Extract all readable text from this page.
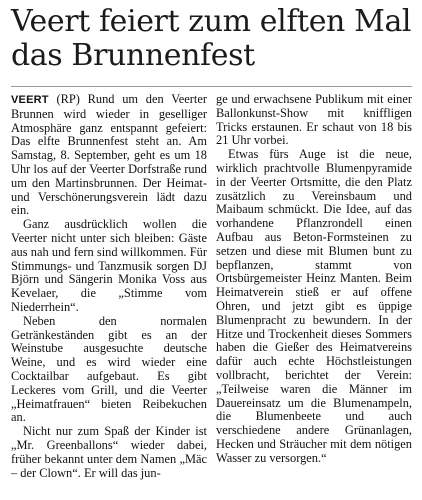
Veert feiert zum elften Mal
das Brunnenfest

VEERT (RP) Rund um den Veerter Brunnen wird wieder in geselliger Atmosphäre ganz entspannt gefeiert: Das elfte Brunnenfest steht an. Am Samstag, 8. September, geht es um 18 Uhr los auf der Veerter Dorfstraße rund um den Martinsbrunnen. Der Heimat- und Verschönerungsverein lädt dazu ein.

Ganz ausdrücklich wollen die Veerter nicht unter sich bleiben: Gäste aus nah und fern sind willkommen. Für Stimmungs- und Tanzmusik sorgen DJ Björn und Sängerin Monika Voss aus Kevelaer, die „Stimme vom Niederrhein“.

Neben den normalen Getränkeständen gibt es an der Weinstube ausgesuchte deutsche Weine, und es wird wieder eine Cocktailbar aufgebaut. Es gibt Leckeres vom Grill, und die Veerter „Heimatfrauen“ bieten Reibekuchen an.

Nicht nur zum Spaß der Kinder ist „Mr. Greenballons“ wieder dabei, früher bekannt unter dem Namen „Mäc – der Clown“. Er will das jun-

ge und erwachsene Publikum mit einer Ballonkunst-Show mit kniffligen Tricks erstaunen. Er schaut von 18 bis 21 Uhr vorbei.

Etwas fürs Auge ist die neue, wirklich prachtvolle Blumenpyramide in der Veerter Ortsmitte, die den Platz zusätzlich zu Vereinsbaum und Maibaum schmückt. Die Idee, auf das vorhandene Pflanzrondell einen Aufbau aus Beton-Formsteinen zu setzen und diese mit Blumen bunt zu bepflanzen, stammt von Ortsbürgemeister Heinz Manten. Beim Heimatverein stieß er auf offene Ohren, und jetzt gibt es üppige Blumenpracht zu bewundern. In der Hitze und Trockenheit dieses Sommers haben die Gießer des Heimatvereins dafür auch echte Höchstleistungen vollbracht, berichtet der Verein: „Teilweise waren die Männer im Dauereinsatz um die Blumenampeln, die Blumenbeete und auch verschiedene andere Grünanlagen, Hecken und Sträucher mit dem nötigen Wasser zu versorgen.“
